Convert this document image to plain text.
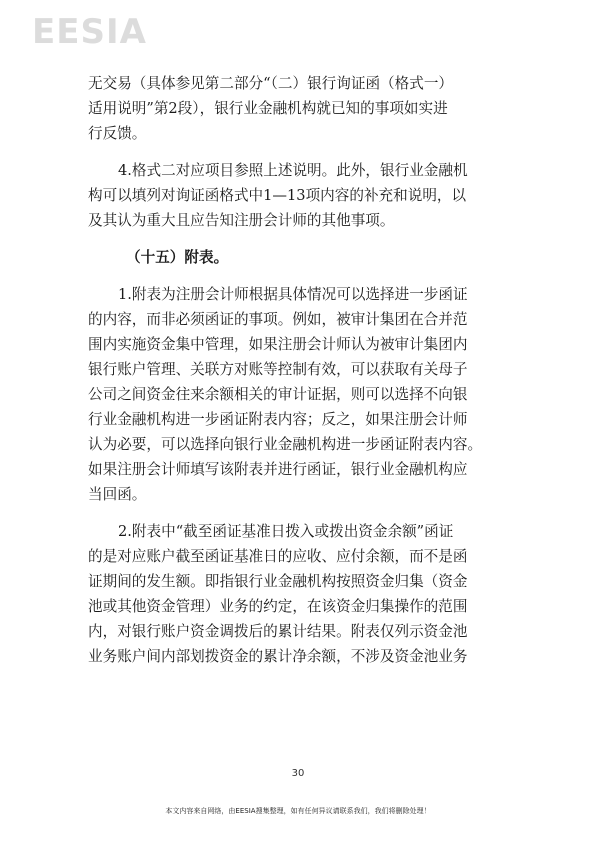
EESIA
无交易（具体参见第二部分“（二）银行询证函（格式一）
适用说明”第2段），银行业金融机构就已知的事项如实进
行反馈。
4.格式二对应项目参照上述说明。此外，银行业金融机
构可以填列对询证函格式中1—13项内容的补充和说明，以
及其认为重大且应告知注册会计师的其他事项。
（十五）附表。
1.附表为注册会计师根据具体情况可以选择进一步函证
的内容，而非必须函证的事项。例如，被审计集团在合并范
围内实施资金集中管理，如果注册会计师认为被审计集团内
银行账户管理、关联方对账等控制有效，可以获取有关母子
公司之间资金往来余额相关的审计证据，则可以选择不向银
行业金融机构进一步函证附表内容；反之，如果注册会计师
认为必要，可以选择向银行业金融机构进一步函证附表内容。
如果注册会计师填写该附表并进行函证，银行业金融机构应
当回函。
2.附表中“截至函证基准日拨入或拨出资金余额”函证
的是对应账户截至函证基准日的应收、应付余额，而不是函
证期间的发生额。即指银行业金融机构按照资金归集（资金
池或其他资金管理）业务的约定，在该资金归集操作的范围
内，对银行账户资金调拨后的累计结果。附表仅列示资金池
业务账户间内部划拨资金的累计净余额，不涉及资金池业务
30
本文内容来自网络，由EESIA搜集整理，如有任何异议请联系我们，我们将删除处理！
